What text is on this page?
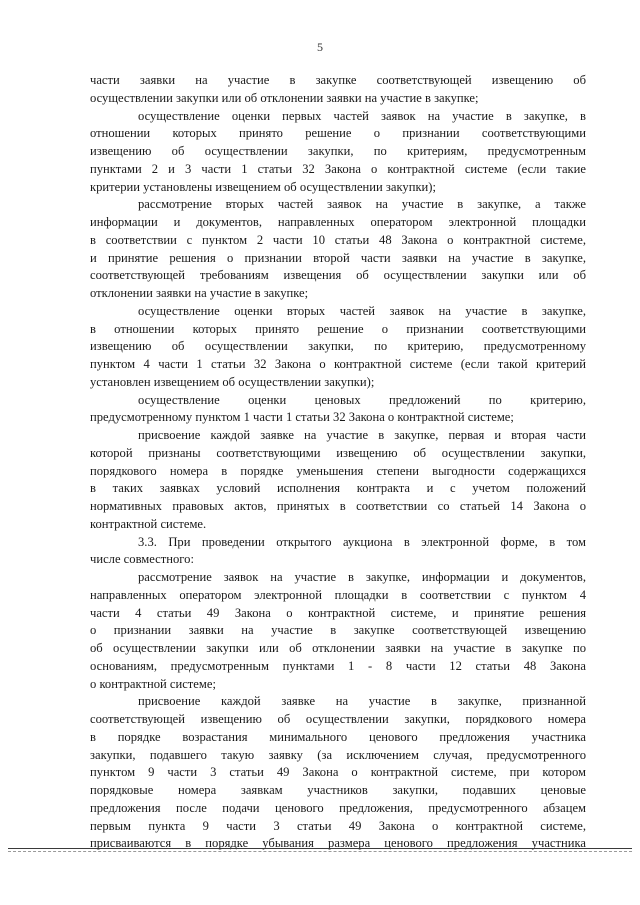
5
части заявки на участие в закупке соответствующей извещению об
осуществлении закупки или об отклонении заявки на участие в закупке;
осуществление оценки первых частей заявок на участие в закупке, в
отношении которых принято решение о признании соответствующими
извещению об осуществлении закупки, по критериям, предусмотренным
пунктами 2 и 3 части 1 статьи 32 Закона о контрактной системе (если такие
критерии установлены извещением об осуществлении закупки);
рассмотрение вторых частей заявок на участие в закупке, а также
информации и документов, направленных оператором электронной площадки
в соответствии с пунктом 2 части 10 статьи 48 Закона о контрактной системе,
и принятие решения о признании второй части заявки на участие в закупке,
соответствующей требованиям извещения об осуществлении закупки или об
отклонении заявки на участие в закупке;
осуществление оценки вторых частей заявок на участие в закупке,
в отношении которых принято решение о признании соответствующими
извещению об осуществлении закупки, по критерию, предусмотренному
пунктом 4 части 1 статьи 32 Закона о контрактной системе (если такой критерий
установлен извещением об осуществлении закупки);
осуществление оценки ценовых предложений по критерию,
предусмотренному пунктом 1 части 1 статьи 32 Закона о контрактной системе;
присвоение каждой заявке на участие в закупке, первая и вторая части
которой признаны соответствующими извещению об осуществлении закупки,
порядкового номера в порядке уменьшения степени выгодности содержащихся
в таких заявках условий исполнения контракта и с учетом положений
нормативных правовых актов, принятых в соответствии со статьей 14 Закона о
контрактной системе.
3.3. При проведении открытого аукциона в электронной форме, в том
числе совместного:
рассмотрение заявок на участие в закупке, информации и документов,
направленных оператором электронной площадки в соответствии с пунктом 4
части 4 статьи 49 Закона о контрактной системе, и принятие решения
о признании заявки на участие в закупке соответствующей извещению
об осуществлении закупки или об отклонении заявки на участие в закупке по
основаниям, предусмотренным пунктами 1 - 8 части 12 статьи 48 Закона
о контрактной системе;
присвоение каждой заявке на участие в закупке, признанной
соответствующей извещению об осуществлении закупки, порядкового номера
в порядке возрастания минимального ценового предложения участника
закупки, подавшего такую заявку (за исключением случая, предусмотренного
пунктом 9 части 3 статьи 49 Закона о контрактной системе, при котором
порядковые номера заявкам участников закупки, подавших ценовые
предложения после подачи ценового предложения, предусмотренного абзацем
первым пункта 9 части 3 статьи 49 Закона о контрактной системе,
присваиваются в порядке убывания размера ценового предложения участника
